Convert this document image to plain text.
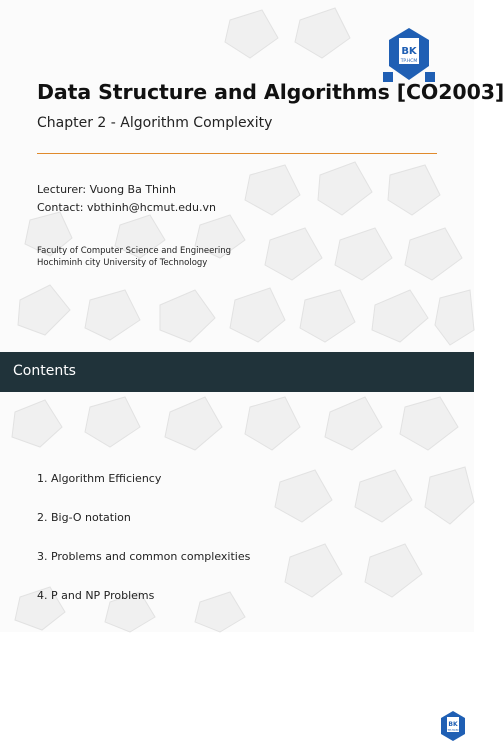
BK
TP.HCM
Data Structure and Algorithms [CO2003]
Chapter 2 - Algorithm Complexity
Lecturer: Vuong Ba Thinh
Contact: vbthinh@hcmut.edu.vn
Faculty of Computer Science and Engineering
Hochiminh city University of Technology
Contents
BK
TP.HCM
1. Algorithm Efficiency
2. Big-O notation
3. Problems and common complexities
4. P and NP Problems
